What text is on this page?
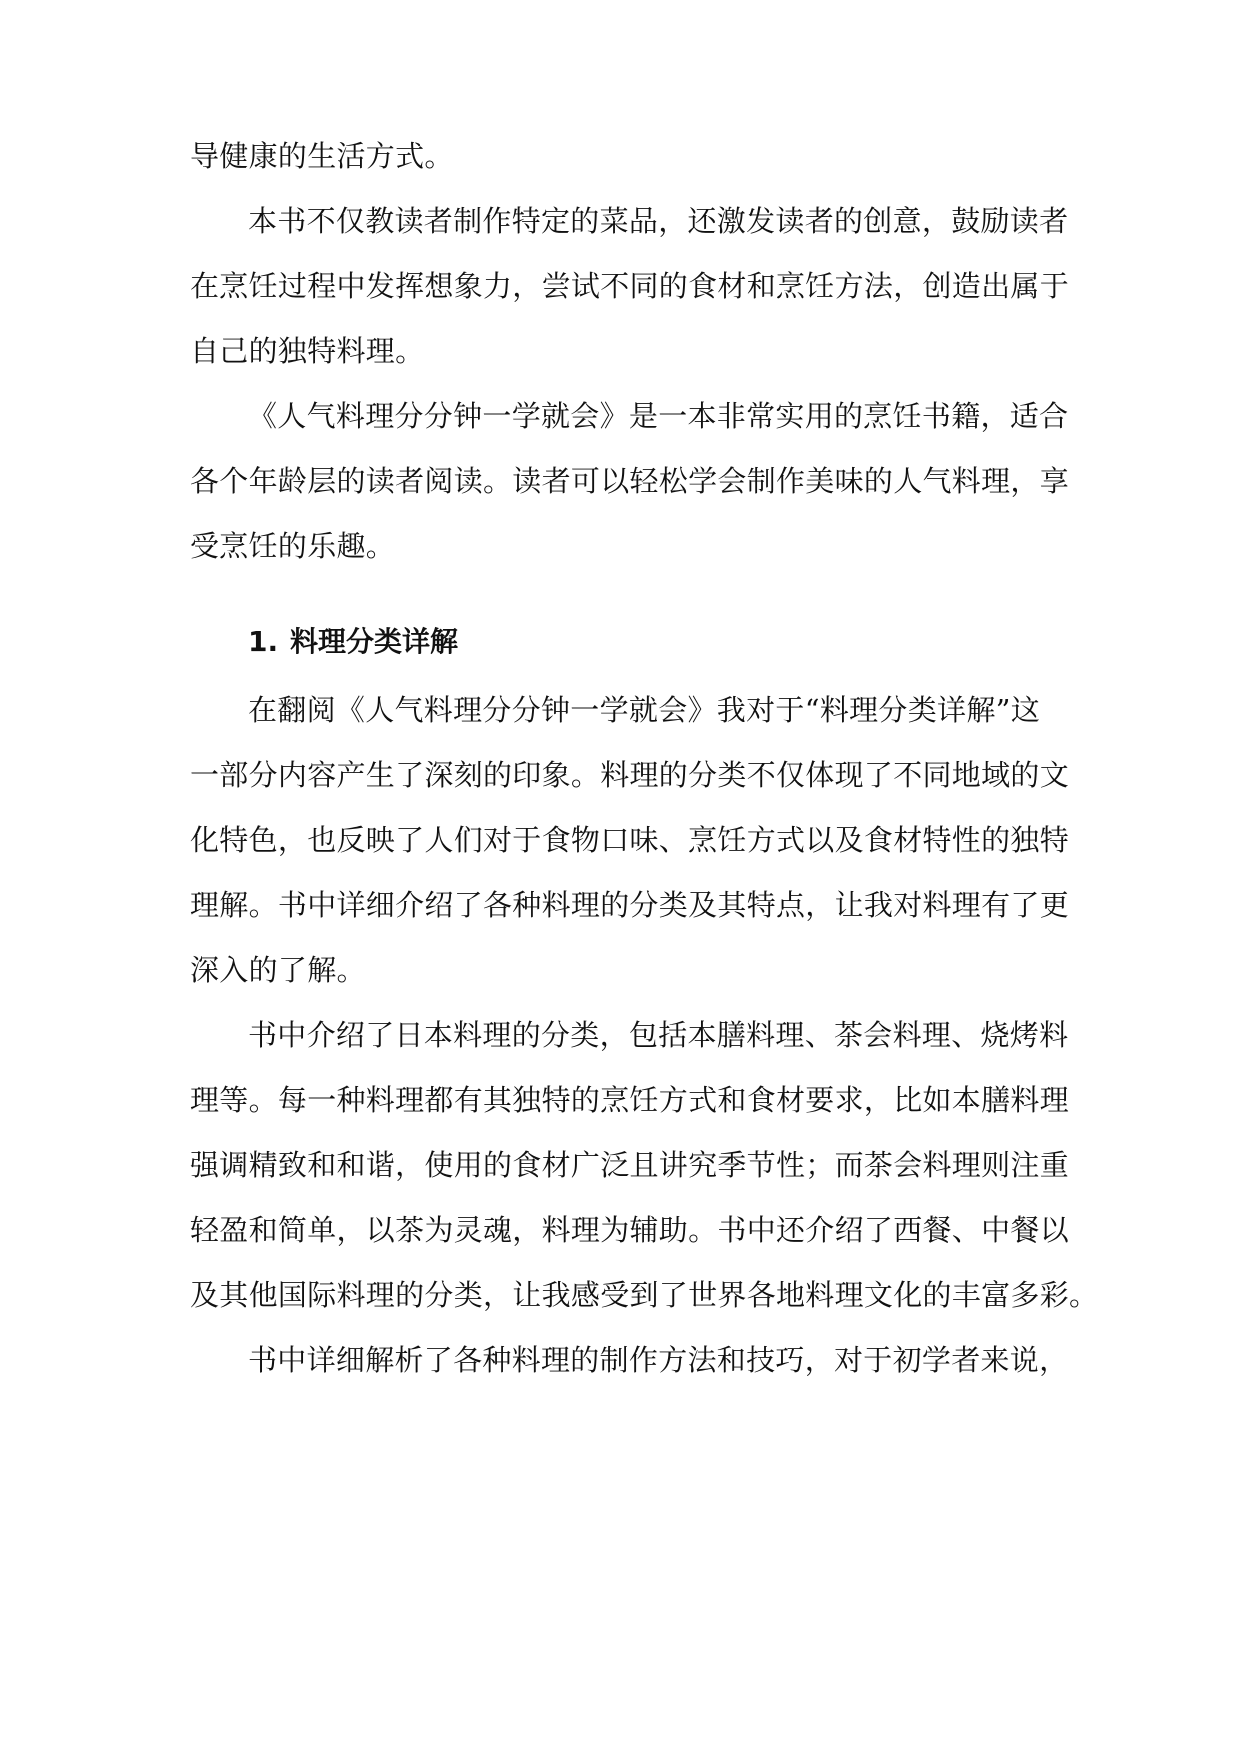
导健康的生活方式。
本书不仅教读者制作特定的菜品，还激发读者的创意，鼓励读者
在烹饪过程中发挥想象力，尝试不同的食材和烹饪方法，创造出属于
自己的独特料理。
《人气料理分分钟一学就会》是一本非常实用的烹饪书籍，适合
各个年龄层的读者阅读。读者可以轻松学会制作美味的人气料理，享
受烹饪的乐趣。
1. 料理分类详解
在翻阅《人气料理分分钟一学就会》我对于“料理分类详解”这
一部分内容产生了深刻的印象。料理的分类不仅体现了不同地域的文
化特色，也反映了人们对于食物口味、烹饪方式以及食材特性的独特
理解。书中详细介绍了各种料理的分类及其特点，让我对料理有了更
深入的了解。
书中介绍了日本料理的分类，包括本膳料理、茶会料理、烧烤料
理等。每一种料理都有其独特的烹饪方式和食材要求，比如本膳料理
强调精致和和谐，使用的食材广泛且讲究季节性；而茶会料理则注重
轻盈和简单，以茶为灵魂，料理为辅助。书中还介绍了西餐、中餐以
及其他国际料理的分类，让我感受到了世界各地料理文化的丰富多彩。
书中详细解析了各种料理的制作方法和技巧，对于初学者来说，
